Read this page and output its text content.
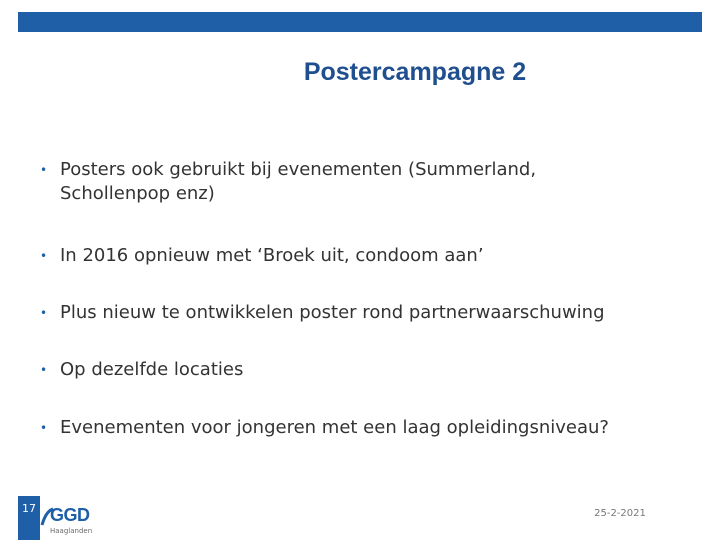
Postercampagne 2
• Posters ook gebruikt bij evenementen (Summerland,
Schollenpop enz)
• In 2016 opnieuw met ‘Broek uit, condoom aan’
• Plus nieuw te ontwikkelen poster rond partnerwaarschuwing
• Op dezelfde locaties
• Evenementen voor jongeren met een laag opleidingsniveau?
17 GGD
Haaglanden
25-2-2021
